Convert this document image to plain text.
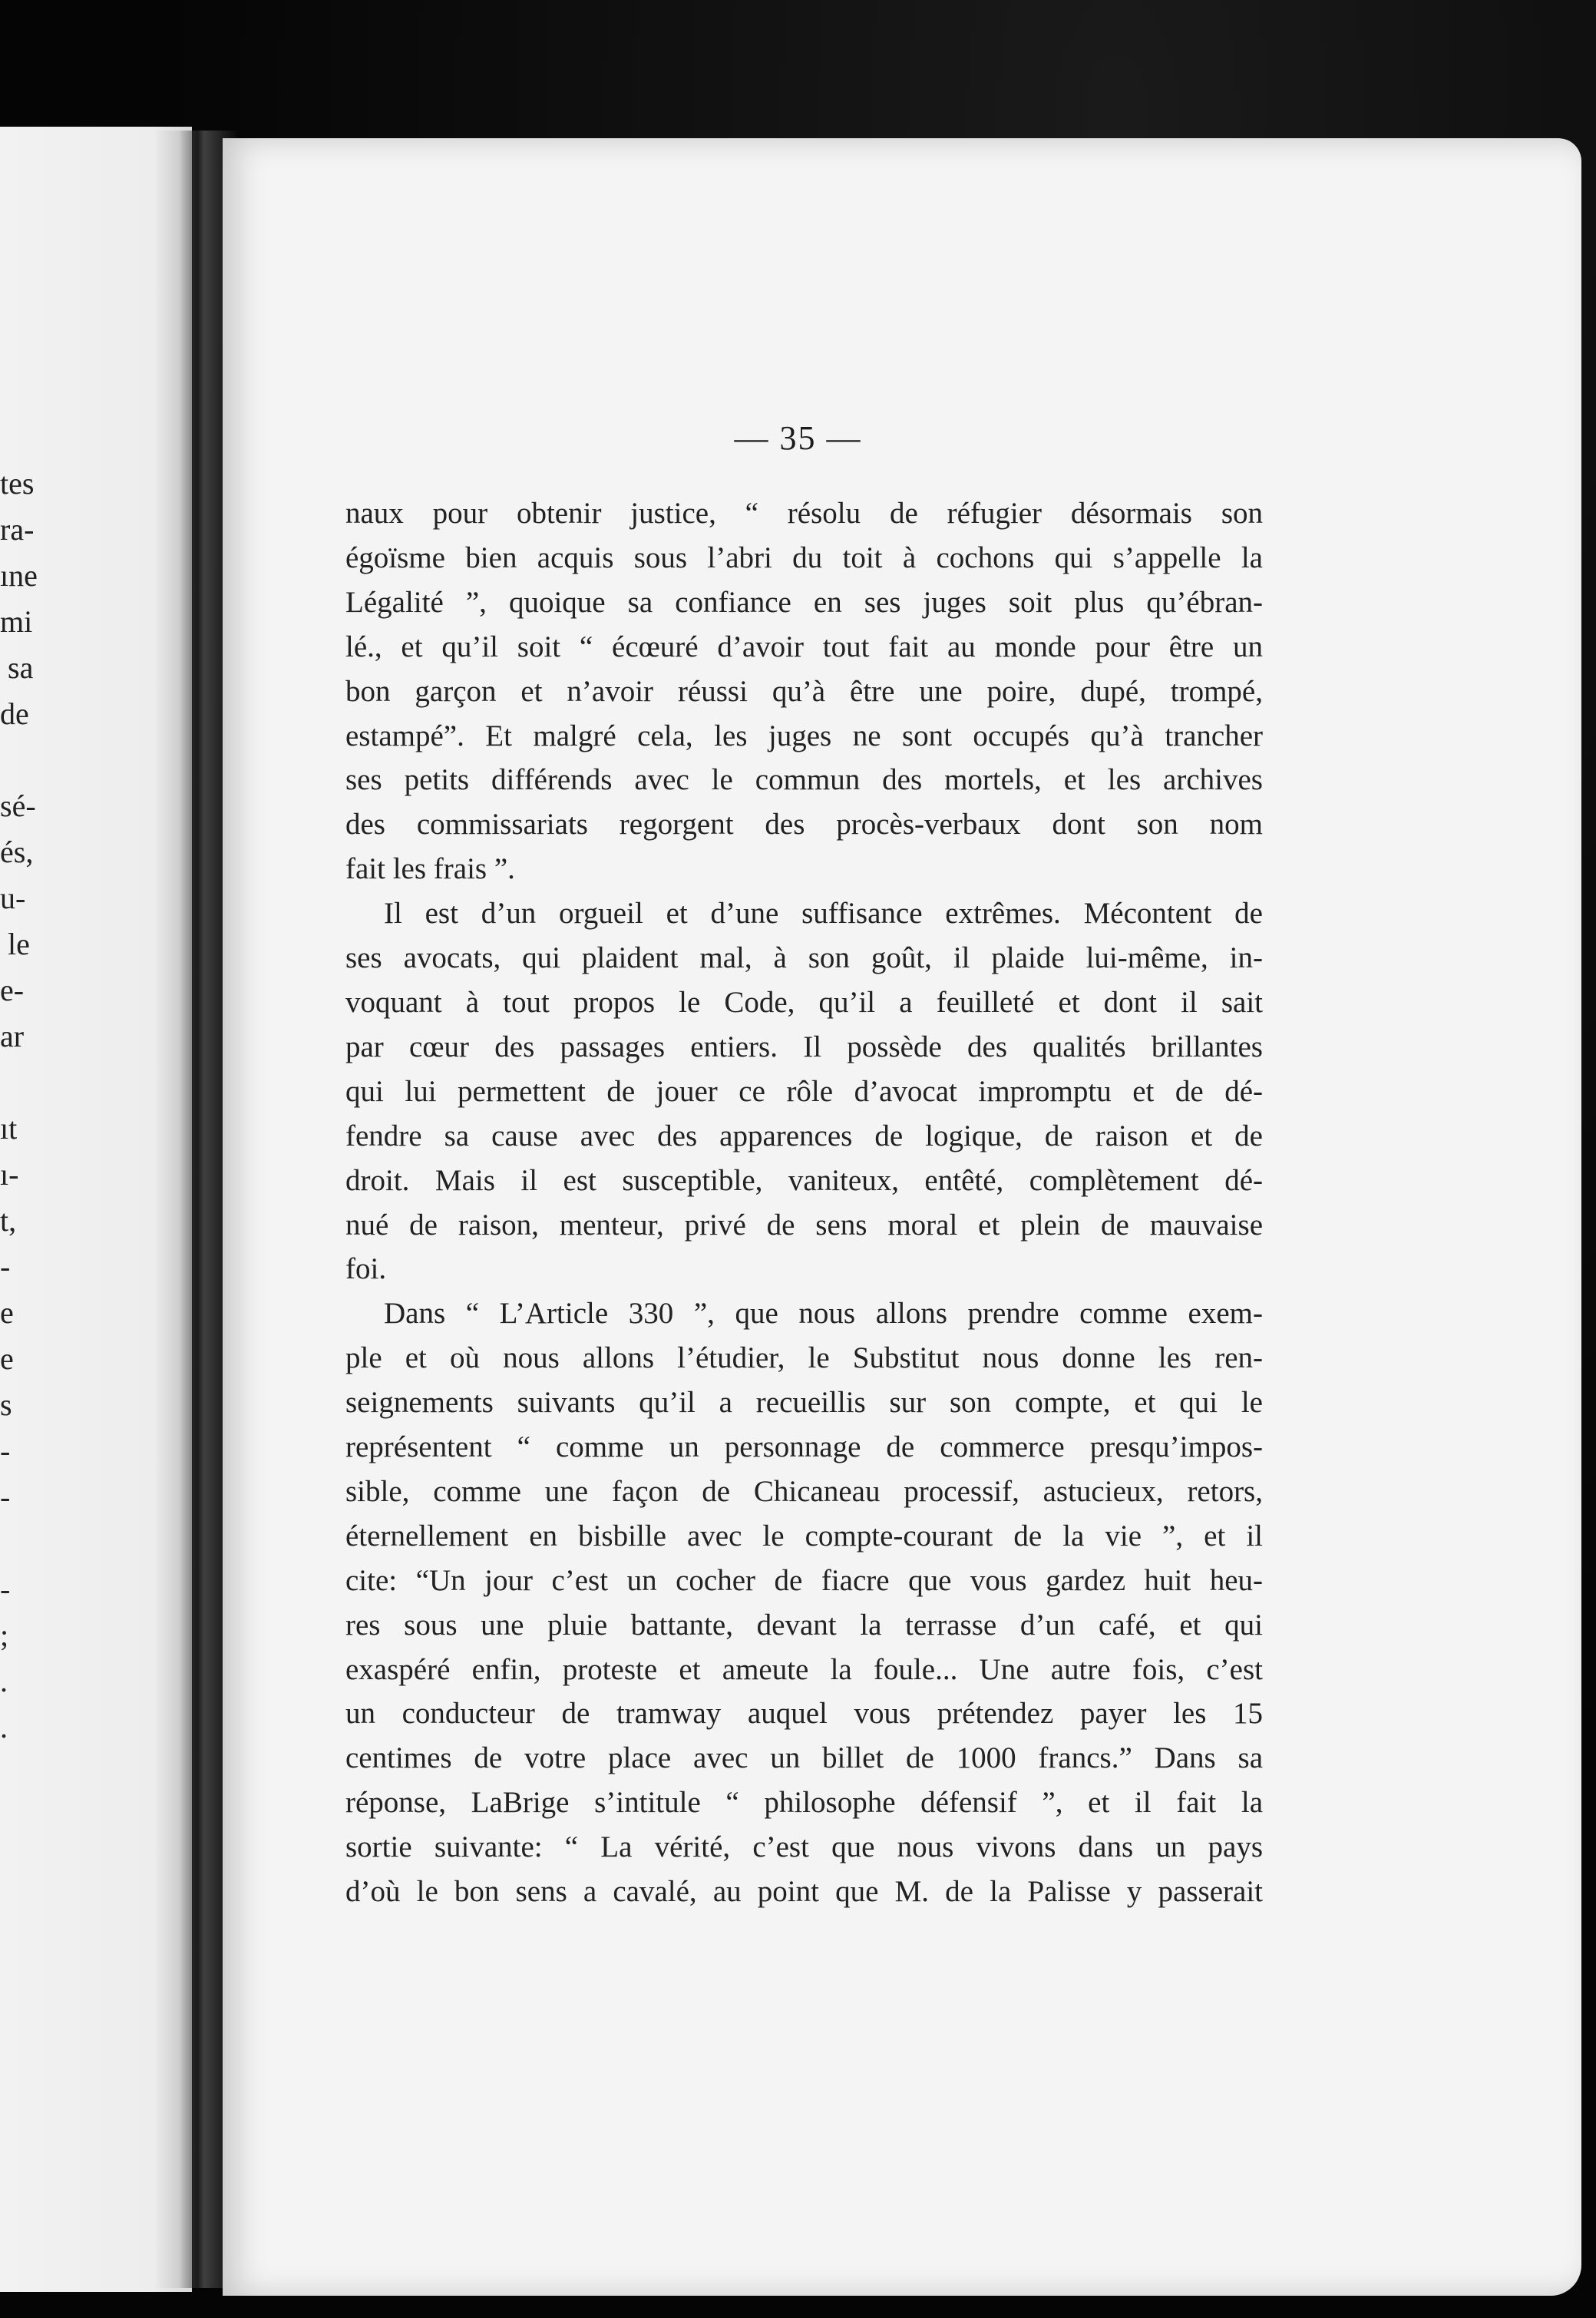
tes
ra-
ıne
mi
sa
de
sé-
és,
u-
le
e-
ar
ıt
ı-
t,
-
e
e
s
-
-
-
;
.
.
— 35 —

naux pour obtenir justice, “ résolu de réfugier désormais son
égoïsme bien acquis sous l’abri du toit à cochons qui s’appelle la
Légalité ”, quoique sa confiance en ses juges soit plus qu’ébran-
lé., et qu’il soit “ écœuré d’avoir tout fait au monde pour être un
bon garçon et n’avoir réussi qu’à être une poire, dupé, trompé,
estampé”. Et malgré cela, les juges ne sont occupés qu’à trancher
ses petits différends avec le commun des mortels, et les archives
des commissariats regorgent des procès-verbaux dont son nom
fait les frais ”.

Il est d’un orgueil et d’une suffisance extrêmes. Mécontent de
ses avocats, qui plaident mal, à son goût, il plaide lui-même, in-
voquant à tout propos le Code, qu’il a feuilleté et dont il sait
par cœur des passages entiers. Il possède des qualités brillantes
qui lui permettent de jouer ce rôle d’avocat impromptu et de dé-
fendre sa cause avec des apparences de logique, de raison et de
droit. Mais il est susceptible, vaniteux, entêté, complètement dé-
nué de raison, menteur, privé de sens moral et plein de mauvaise
foi.

Dans “ L’Article 330 ”, que nous allons prendre comme exem-
ple et où nous allons l’étudier, le Substitut nous donne les ren-
seignements suivants qu’il a recueillis sur son compte, et qui le
représentent “ comme un personnage de commerce presqu’impos-
sible, comme une façon de Chicaneau processif, astucieux, retors,
éternellement en bisbille avec le compte-courant de la vie ”, et il
cite: “Un jour c’est un cocher de fiacre que vous gardez huit heu-
res sous une pluie battante, devant la terrasse d’un café, et qui
exaspéré enfin, proteste et ameute la foule... Une autre fois, c’est
un conducteur de tramway auquel vous prétendez payer les 15
centimes de votre place avec un billet de 1000 francs.” Dans sa
réponse, LaBrige s’intitule “ philosophe défensif ”, et il fait la
sortie suivante: “ La vérité, c’est que nous vivons dans un pays
d’où le bon sens a cavalé, au point que M. de la Palisse y passerait
